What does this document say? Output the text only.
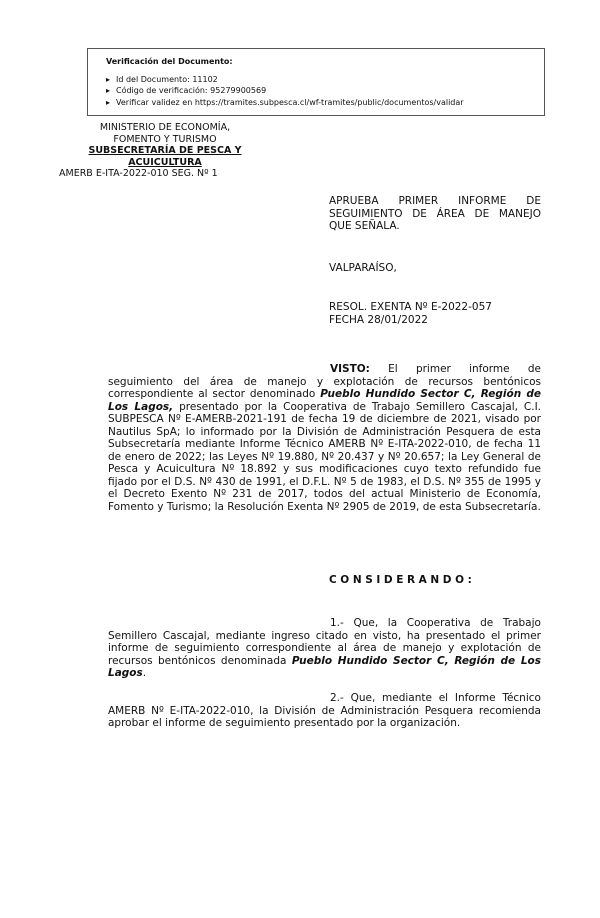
Verificación del Documento:
▸ Id del Documento: 11102
▸ Código de verificación: 95279900569
▸ Verificar validez en https://tramites.subpesca.cl/wf-tramites/public/documentos/validar
MINISTERIO DE ECONOMÍA,
FOMENTO Y TURISMO
SUBSECRETARÍA DE PESCA Y
ACUICULTURA
AMERB E-ITA-2022-010 SEG. Nº 1
APRUEBA PRIMER INFORME DE
SEGUIMIENTO DE ÁREA DE MANEJO
QUE SEÑALA.
VALPARAÍSO,
RESOL. EXENTA Nº E-2022-057
FECHA 28/01/2022
VISTO: El primer informe de
seguimiento del área de manejo y explotación de recursos bentónicos correspondiente al sector denominado Pueblo Hundido Sector C, Región de Los Lagos, presentado por la Cooperativa de Trabajo Semillero Cascajal, C.I. SUBPESCA Nº E-AMERB-2021-191 de fecha 19 de diciembre de 2021, visado por Nautilus SpA; lo informado por la División de Administración Pesquera de esta Subsecretaría mediante Informe Técnico AMERB Nº E-ITA-2022-010, de fecha 11 de enero de 2022; las Leyes Nº 19.880, Nº 20.437 y Nº 20.657; la Ley General de Pesca y Acuicultura Nº 18.892 y sus modificaciones cuyo texto refundido fue fijado por el D.S. Nº 430 de 1991, el D.F.L. Nº 5 de 1983, el D.S. Nº 355 de 1995 y el Decreto Exento Nº 231 de 2017, todos del actual Ministerio de Economía, Fomento y Turismo; la Resolución Exenta Nº 2905 de 2019, de esta Subsecretaría.
CONSIDERANDO:
1.- Que, la Cooperativa de Trabajo
Semillero Cascajal, mediante ingreso citado en visto, ha presentado el primer informe de seguimiento correspondiente al área de manejo y explotación de recursos bentónicos denominada Pueblo Hundido Sector C, Región de Los Lagos.
2.- Que, mediante el Informe Técnico
AMERB Nº E-ITA-2022-010, la División de Administración Pesquera recomienda aprobar el informe de seguimiento presentado por la organización.
